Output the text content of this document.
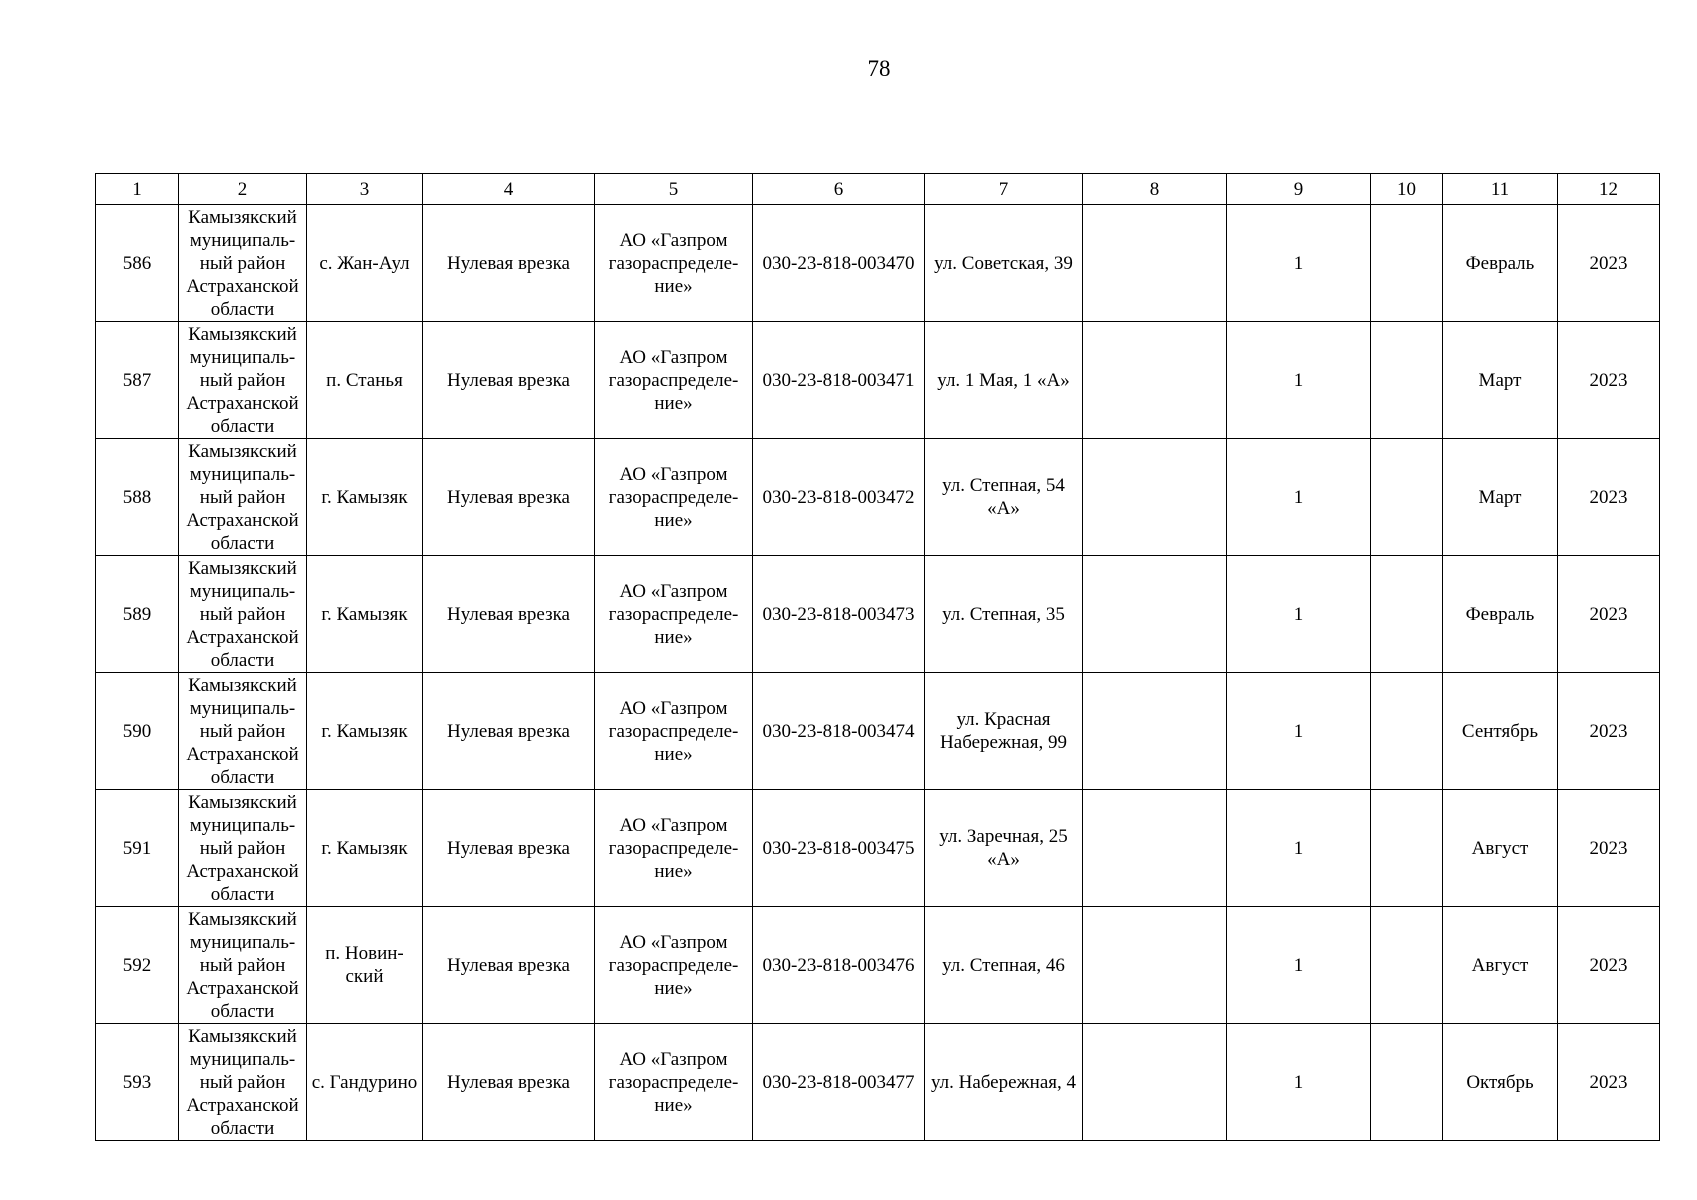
78
1	2	3	4	5	6	7	8	9	10	11	12
586	Камызякский
муниципаль-
ный район
Астраханской
области	с. Жан-Аул	Нулевая врезка	АО «Газпром
газораспределе-
ние»	030-23-818-003470	ул. Советская, 39		1		Февраль	2023
587	Камызякский
муниципаль-
ный район
Астраханской
области	п. Станья	Нулевая врезка	АО «Газпром
газораспределе-
ние»	030-23-818-003471	ул. 1 Мая, 1 «А»		1		Март	2023
588	Камызякский
муниципаль-
ный район
Астраханской
области	г. Камызяк	Нулевая врезка	АО «Газпром
газораспределе-
ние»	030-23-818-003472	ул. Степная, 54
«А»		1		Март	2023
589	Камызякский
муниципаль-
ный район
Астраханской
области	г. Камызяк	Нулевая врезка	АО «Газпром
газораспределе-
ние»	030-23-818-003473	ул. Степная, 35		1		Февраль	2023
590	Камызякский
муниципаль-
ный район
Астраханской
области	г. Камызяк	Нулевая врезка	АО «Газпром
газораспределе-
ние»	030-23-818-003474	ул. Красная
Набережная, 99		1		Сентябрь	2023
591	Камызякский
муниципаль-
ный район
Астраханской
области	г. Камызяк	Нулевая врезка	АО «Газпром
газораспределе-
ние»	030-23-818-003475	ул. Заречная, 25
«А»		1		Август	2023
592	Камызякский
муниципаль-
ный район
Астраханской
области	п. Новин-
ский	Нулевая врезка	АО «Газпром
газораспределе-
ние»	030-23-818-003476	ул. Степная, 46		1		Август	2023
593	Камызякский
муниципаль-
ный район
Астраханской
области	с. Гандурино	Нулевая врезка	АО «Газпром
газораспределе-
ние»	030-23-818-003477	ул. Набережная, 4		1		Октябрь	2023
